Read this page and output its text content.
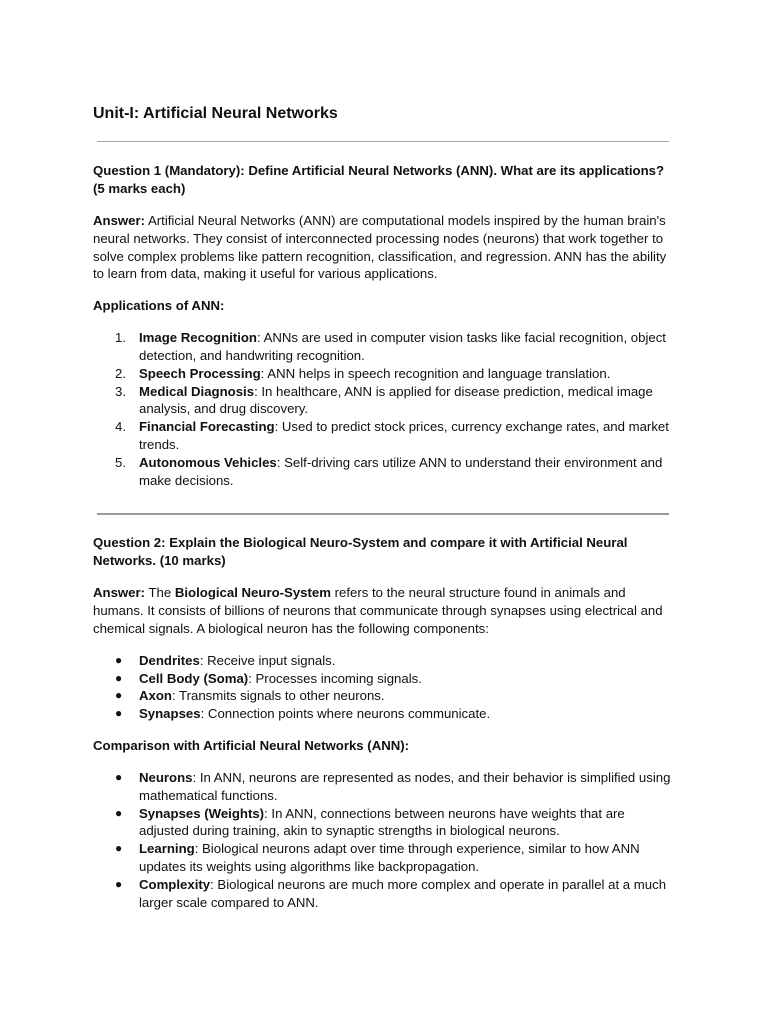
Unit-I: Artificial Neural Networks

Question 1 (Mandatory): Define Artificial Neural Networks (ANN). What are its applications? (5 marks each)

Answer: Artificial Neural Networks (ANN) are computational models inspired by the human brain's neural networks. They consist of interconnected processing nodes (neurons) that work together to solve complex problems like pattern recognition, classification, and regression. ANN has the ability to learn from data, making it useful for various applications.

Applications of ANN:

1. Image Recognition: ANNs are used in computer vision tasks like facial recognition, object detection, and handwriting recognition.
2. Speech Processing: ANN helps in speech recognition and language translation.
3. Medical Diagnosis: In healthcare, ANN is applied for disease prediction, medical image analysis, and drug discovery.
4. Financial Forecasting: Used to predict stock prices, currency exchange rates, and market trends.
5. Autonomous Vehicles: Self-driving cars utilize ANN to understand their environment and make decisions.

Question 2: Explain the Biological Neuro-System and compare it with Artificial Neural Networks. (10 marks)

Answer: The Biological Neuro-System refers to the neural structure found in animals and humans. It consists of billions of neurons that communicate through synapses using electrical and chemical signals. A biological neuron has the following components:

● Dendrites: Receive input signals.
● Cell Body (Soma): Processes incoming signals.
● Axon: Transmits signals to other neurons.
● Synapses: Connection points where neurons communicate.

Comparison with Artificial Neural Networks (ANN):

● Neurons: In ANN, neurons are represented as nodes, and their behavior is simplified using mathematical functions.
● Synapses (Weights): In ANN, connections between neurons have weights that are adjusted during training, akin to synaptic strengths in biological neurons.
● Learning: Biological neurons adapt over time through experience, similar to how ANN updates its weights using algorithms like backpropagation.
● Complexity: Biological neurons are much more complex and operate in parallel at a much larger scale compared to ANN.
